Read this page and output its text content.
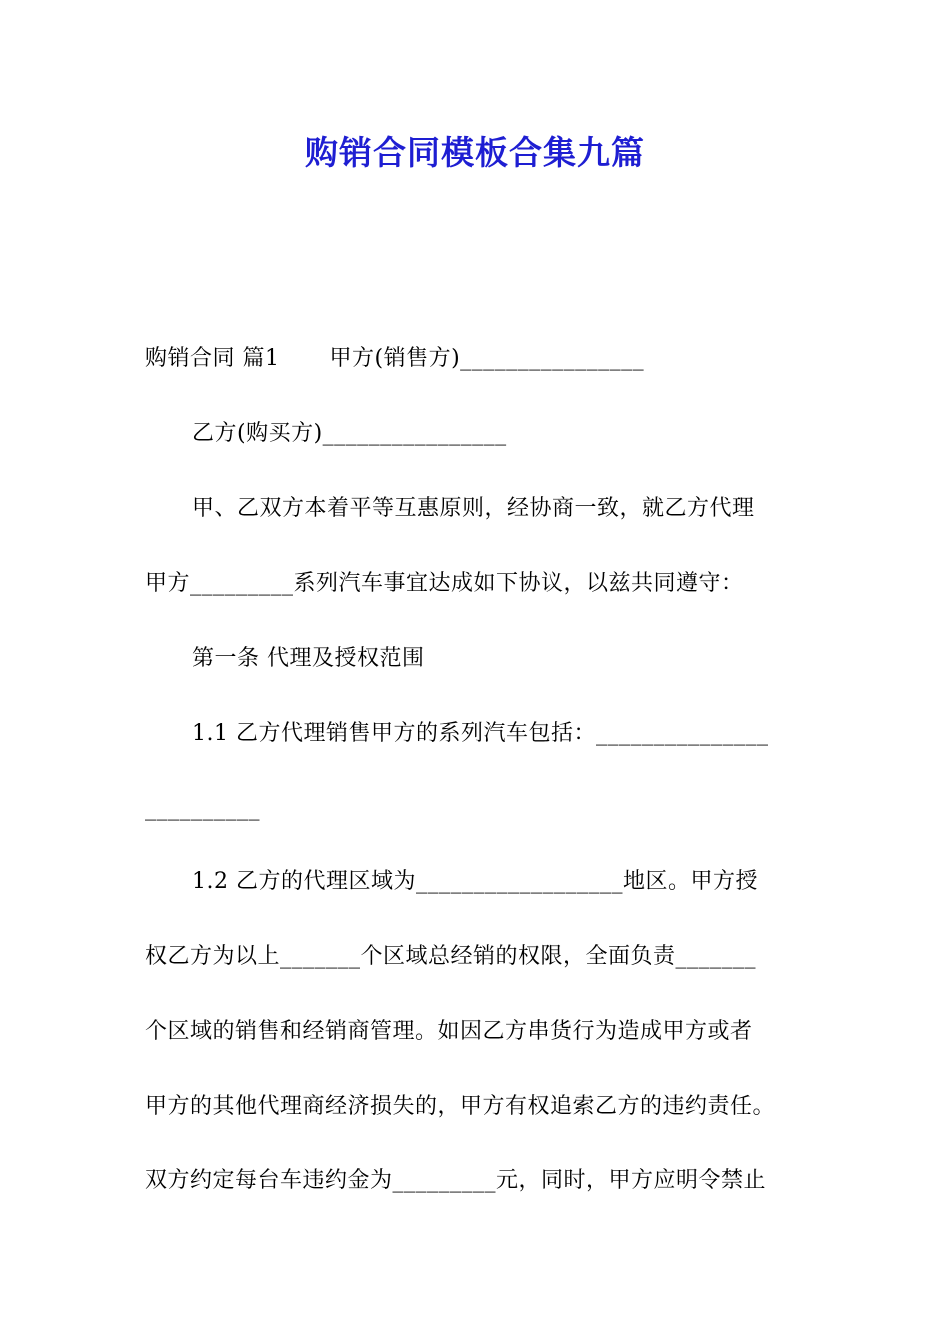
购销合同模板合集九篇
购销合同 篇1 甲方(销售方)________________
乙方(购买方)________________
甲、乙双方本着平等互惠原则，经协商一致，就乙方代理
甲方_________系列汽车事宜达成如下协议，以兹共同遵守：
第一条 代理及授权范围
1.1 乙方代理销售甲方的系列汽车包括：_______________
__________
1.2 乙方的代理区域为__________________地区。甲方授
权乙方为以上_______个区域总经销的权限，全面负责_______
个区域的销售和经销商管理。如因乙方串货行为造成甲方或者
甲方的其他代理商经济损失的，甲方有权追索乙方的违约责任。
双方约定每台车违约金为_________元，同时，甲方应明令禁止
